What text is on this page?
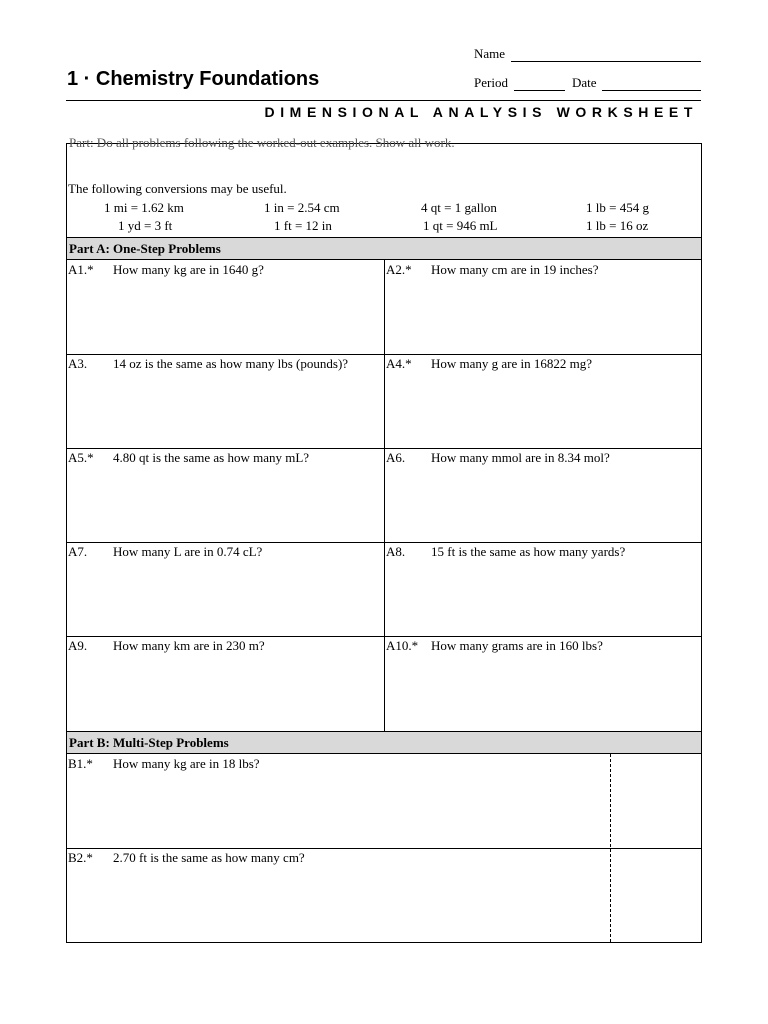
1 · Chemistry Foundations
Name
Period	Date
DIMENSIONAL ANALYSIS WORKSHEET
Part: Do all problems following the worked-out examples. Show all work.
The following conversions may be useful.
1 mi = 1.62 km	1 in = 2.54 cm	4 qt = 1 gallon	1 lb = 454 g
1 yd = 3 ft	1 ft = 12 in	1 qt = 946 mL	1 lb = 16 oz
Part A: One-Step Problems
A1.* How many kg are in 1640 g?	A2.* How many cm are in 19 inches?
A3. 14 oz is the same as how many lbs (pounds)?	A4.* How many g are in 16822 mg?
A5.* 4.80 qt is the same as how many mL?	A6. How many mmol are in 8.34 mol?
A7. How many L are in 0.74 cL?	A8. 15 ft is the same as how many yards?
A9. How many km are in 230 m?	A10.* How many grams are in 160 lbs?
Part B: Multi-Step Problems
B1.* How many kg are in 18 lbs?
B2.* 2.70 ft is the same as how many cm?
